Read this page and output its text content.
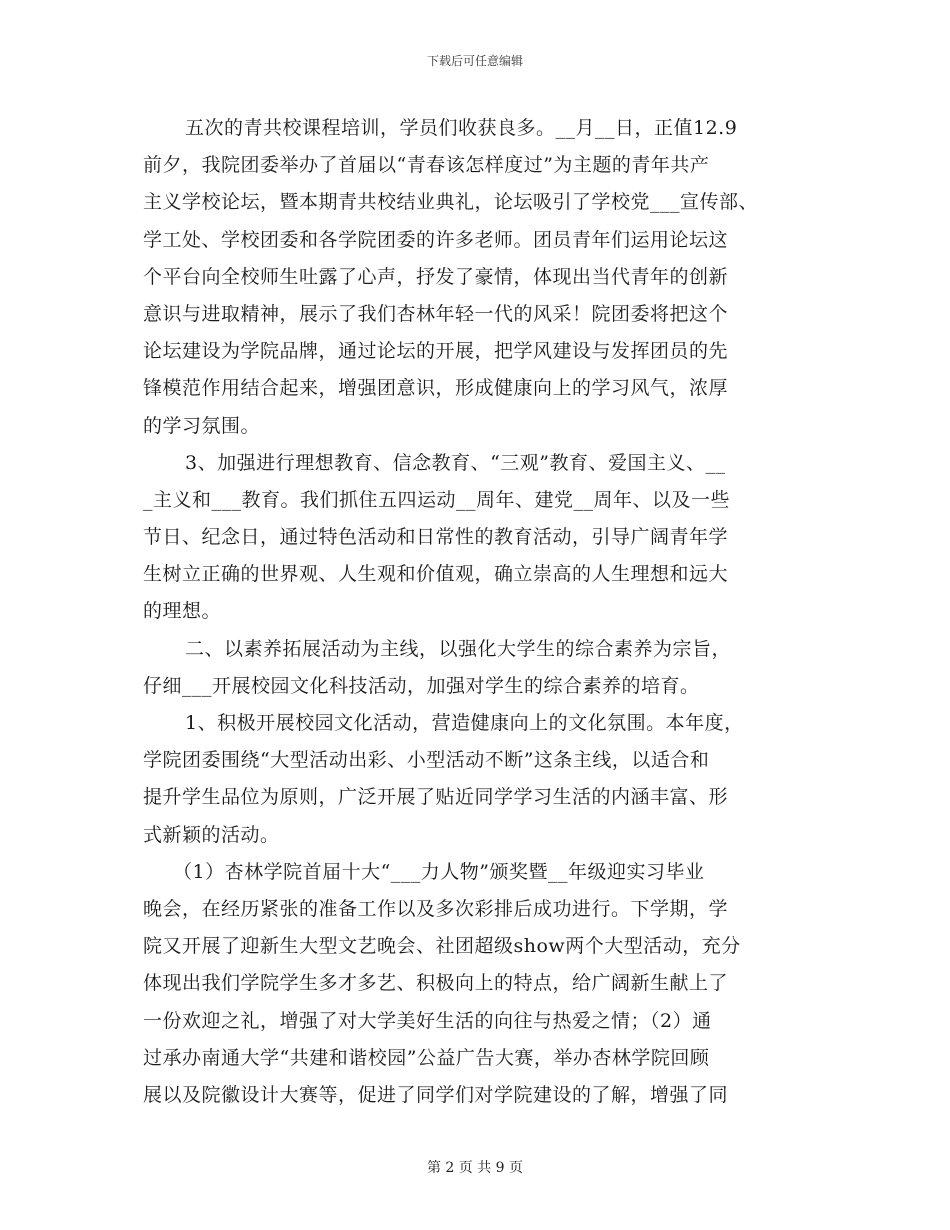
下载后可任意编辑
五次的青共校课程培训，学员们收获良多。__月__日，正值12.9
前夕，我院团委举办了首届以“青春该怎样度过”为主题的青年共产
主义学校论坛，暨本期青共校结业典礼，论坛吸引了学校党___宣传部、
学工处、学校团委和各学院团委的许多老师。团员青年们运用论坛这
个平台向全校师生吐露了心声，抒发了豪情，体现出当代青年的创新
意识与进取精神，展示了我们杏林年轻一代的风采！院团委将把这个
论坛建设为学院品牌，通过论坛的开展，把学风建设与发挥团员的先
锋模范作用结合起来，增强团意识，形成健康向上的学习风气，浓厚
的学习氛围。
3、加强进行理想教育、信念教育、“三观”教育、爱国主义、__
_主义和___教育。我们抓住五四运动__周年、建党__周年、以及一些
节日、纪念日，通过特色活动和日常性的教育活动，引导广阔青年学
生树立正确的世界观、人生观和价值观，确立崇高的人生理想和远大
的理想。
二、以素养拓展活动为主线，以强化大学生的综合素养为宗旨，
仔细___开展校园文化科技活动，加强对学生的综合素养的培育。
1、积极开展校园文化活动，营造健康向上的文化氛围。本年度，
学院团委围绕“大型活动出彩、小型活动不断”这条主线，以适合和
提升学生品位为原则，广泛开展了贴近同学学习生活的内涵丰富、形
式新颖的活动。
（1）杏林学院首届十大“___力人物”颁奖暨__年级迎实习毕业
晚会，在经历紧张的准备工作以及多次彩排后成功进行。下学期，学
院又开展了迎新生大型文艺晚会、社团超级show两个大型活动，充分
体现出我们学院学生多才多艺、积极向上的特点，给广阔新生献上了
一份欢迎之礼，增强了对大学美好生活的向往与热爱之情；（2）通
过承办南通大学“共建和谐校园”公益广告大赛，举办杏林学院回顾
展以及院徽设计大赛等，促进了同学们对学院建设的了解，增强了同
第 2 页 共 9 页
